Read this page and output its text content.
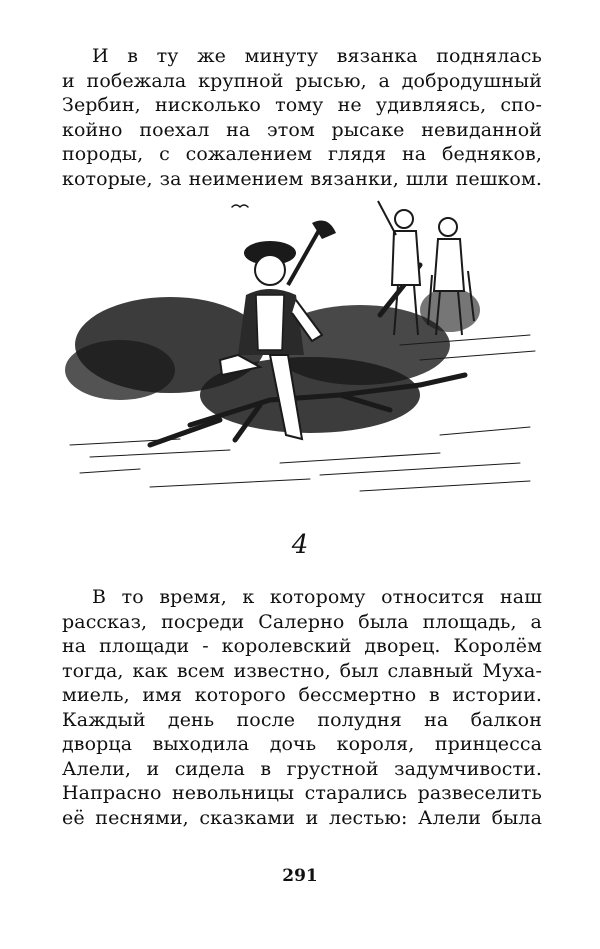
И в ту же минуту вязанка поднялась
и побежала крупной рысью, а добродушный
Зербин, нисколько тому не удивляясь, спо-
койно поехал на этом рысаке невиданной
породы, с сожалением глядя на бедняков,
которые, за неимением вязанки, шли пешком.

4

В то время, к которому относится наш
рассказ, посреди Салерно была площадь, а
на площади - королевский дворец. Королём
тогда, как всем известно, был славный Муха-
миель, имя которого бессмертно в истории.
Каждый день после полудня на балкон
дворца выходила дочь короля, принцесса
Алели, и сидела в грустной задумчивости.
Напрасно невольницы старались развеселить
её песнями, сказками и лестью: Алели была

291
